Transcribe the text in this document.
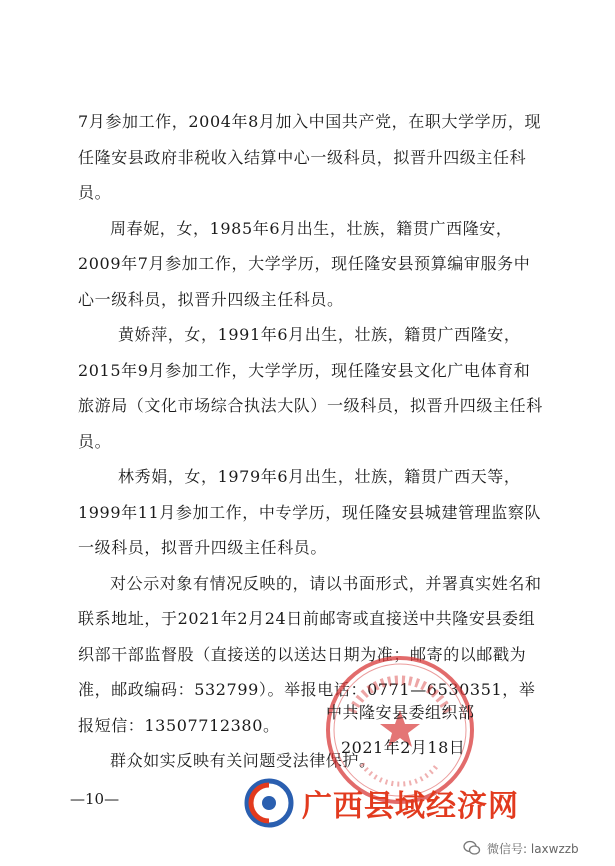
7月参加工作，2004年8月加入中国共产党，在职大学学历，现任隆安县政府非税收入结算中心一级科员，拟晋升四级主任科员。

周春妮，女，1985年6月出生，壮族，籍贯广西隆安，2009年7月参加工作，大学学历，现任隆安县预算编审服务中心一级科员，拟晋升四级主任科员。

黄娇萍，女，1991年6月出生，壮族，籍贯广西隆安，2015年9月参加工作，大学学历，现任隆安县文化广电体育和旅游局（文化市场综合执法大队）一级科员，拟晋升四级主任科员。

林秀娟，女，1979年6月出生，壮族，籍贯广西天等，1999年11月参加工作，中专学历，现任隆安县城建管理监察队一级科员，拟晋升四级主任科员。

对公示对象有情况反映的，请以书面形式，并署真实姓名和联系地址，于2021年2月24日前邮寄或直接送中共隆安县委组织部干部监督股（直接送的以送达日期为准；邮寄的以邮戳为准，邮政编码：532799）。举报电话：0771—6530351，举报短信：13507712380。

群众如实反映有关问题受法律保护。

中共隆安县委组织部
2021年2月18日
—10—	广西县域经济网
微信号: laxwzzb
